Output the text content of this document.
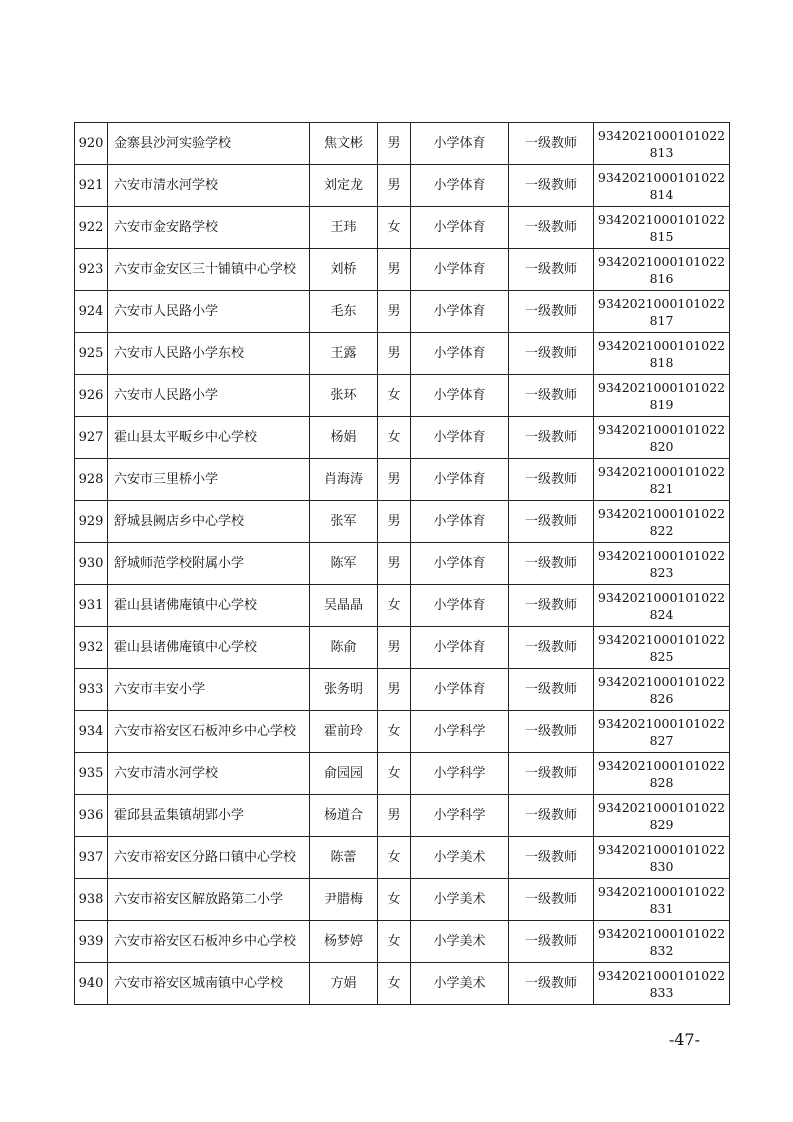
920	金寨县沙河实验学校	焦文彬	男	小学体育	一级教师	9342021000101022813
921	六安市清水河学校	刘定龙	男	小学体育	一级教师	9342021000101022814
922	六安市金安路学校	王玮	女	小学体育	一级教师	9342021000101022815
923	六安市金安区三十铺镇中心学校	刘桥	男	小学体育	一级教师	9342021000101022816
924	六安市人民路小学	毛东	男	小学体育	一级教师	9342021000101022817
925	六安市人民路小学东校	王露	男	小学体育	一级教师	9342021000101022818
926	六安市人民路小学	张环	女	小学体育	一级教师	9342021000101022819
927	霍山县太平畈乡中心学校	杨娟	女	小学体育	一级教师	9342021000101022820
928	六安市三里桥小学	肖海涛	男	小学体育	一级教师	9342021000101022821
929	舒城县阙店乡中心学校	张军	男	小学体育	一级教师	9342021000101022822
930	舒城师范学校附属小学	陈军	男	小学体育	一级教师	9342021000101022823
931	霍山县诸佛庵镇中心学校	吴晶晶	女	小学体育	一级教师	9342021000101022824
932	霍山县诸佛庵镇中心学校	陈俞	男	小学体育	一级教师	9342021000101022825
933	六安市丰安小学	张务明	男	小学体育	一级教师	9342021000101022826
934	六安市裕安区石板冲乡中心学校	霍前玲	女	小学科学	一级教师	9342021000101022827
935	六安市清水河学校	俞园园	女	小学科学	一级教师	9342021000101022828
936	霍邱县孟集镇胡郢小学	杨道合	男	小学科学	一级教师	9342021000101022829
937	六安市裕安区分路口镇中心学校	陈蕾	女	小学美术	一级教师	9342021000101022830
938	六安市裕安区解放路第二小学	尹腊梅	女	小学美术	一级教师	9342021000101022831
939	六安市裕安区石板冲乡中心学校	杨梦婷	女	小学美术	一级教师	9342021000101022832
940	六安市裕安区城南镇中心学校	方娟	女	小学美术	一级教师	9342021000101022833
-47-
